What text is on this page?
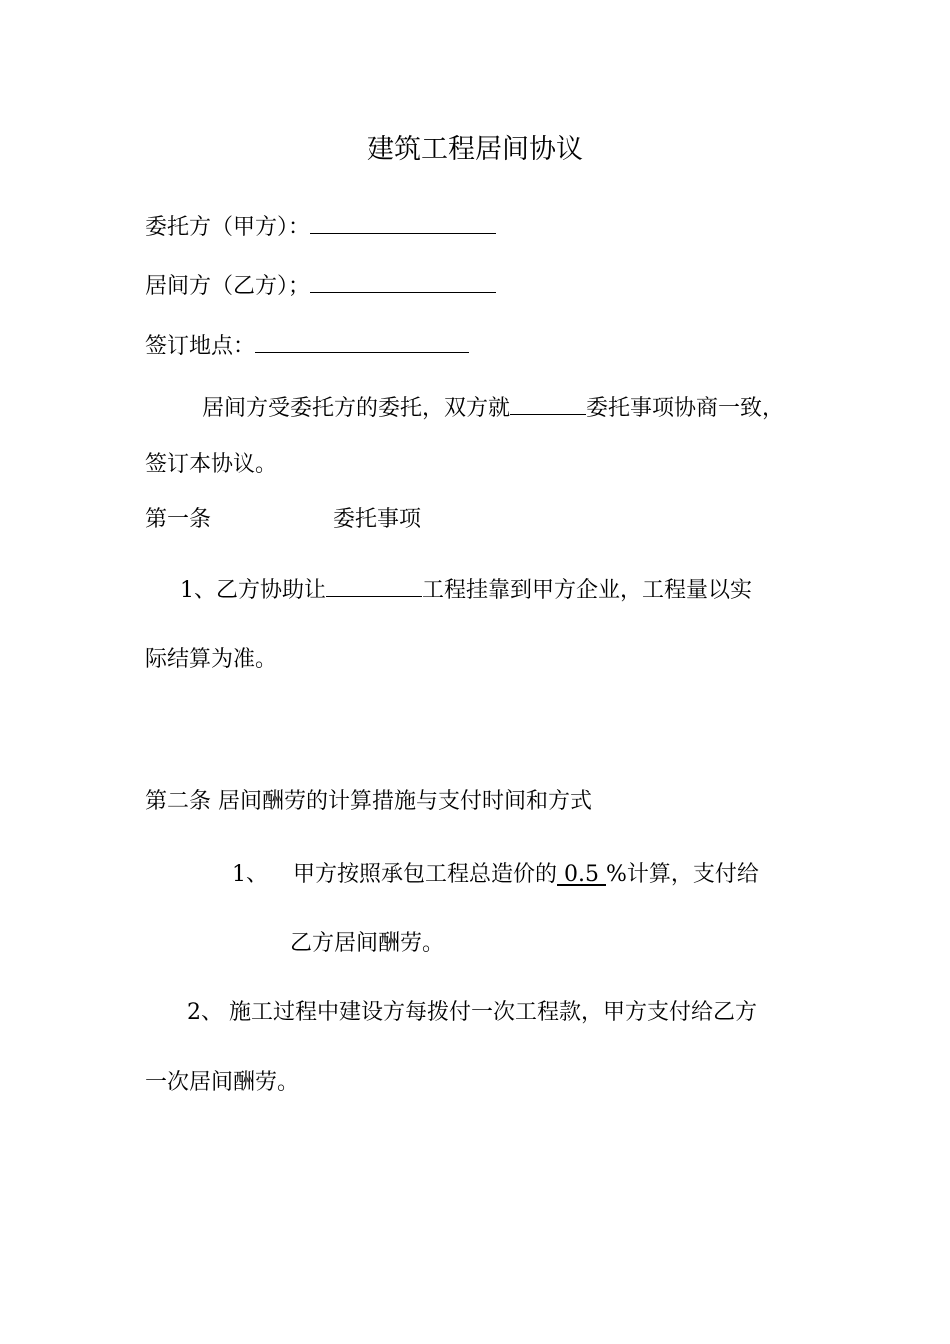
建筑工程居间协议
委托方（甲方）：
居间方（乙方）；
签订地点：
居间方受委托方的委托，双方就	委托事项协商一致，
签订本协议。
第一条	委托事项
1、乙方协助让	工程挂靠到甲方企业，工程量以实
际结算为准。
第二条 居间酬劳的计算措施与支付时间和方式
1、 甲方按照承包工程总造价的 0.5 %计算，支付给
乙方居间酬劳。
2、 施工过程中建设方每拨付一次工程款，甲方支付给乙方
一次居间酬劳。
